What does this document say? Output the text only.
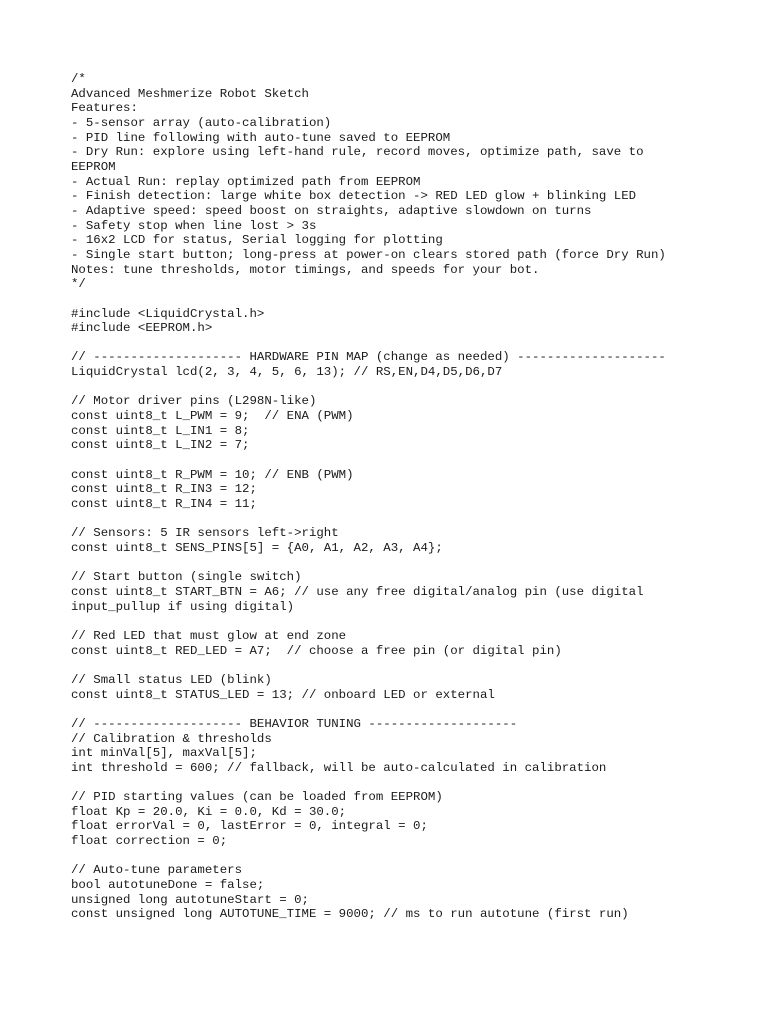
/*
Advanced Meshmerize Robot Sketch
Features:
- 5-sensor array (auto-calibration)
- PID line following with auto-tune saved to EEPROM
- Dry Run: explore using left-hand rule, record moves, optimize path, save to
EEPROM
- Actual Run: replay optimized path from EEPROM
- Finish detection: large white box detection -> RED LED glow + blinking LED
- Adaptive speed: speed boost on straights, adaptive slowdown on turns
- Safety stop when line lost > 3s
- 16x2 LCD for status, Serial logging for plotting
- Single start button; long-press at power-on clears stored path (force Dry Run)
Notes: tune thresholds, motor timings, and speeds for your bot.
*/
#include <LiquidCrystal.h>
#include <EEPROM.h>
// -------------------- HARDWARE PIN MAP (change as needed) --------------------
LiquidCrystal lcd(2, 3, 4, 5, 6, 13); // RS,EN,D4,D5,D6,D7
// Motor driver pins (L298N-like)
const uint8_t L_PWM = 9;  // ENA (PWM)
const uint8_t L_IN1 = 8;
const uint8_t L_IN2 = 7;
const uint8_t R_PWM = 10; // ENB (PWM)
const uint8_t R_IN3 = 12;
const uint8_t R_IN4 = 11;
// Sensors: 5 IR sensors left->right
const uint8_t SENS_PINS[5] = {A0, A1, A2, A3, A4};
// Start button (single switch)
const uint8_t START_BTN = A6; // use any free digital/analog pin (use digital
input_pullup if using digital)
// Red LED that must glow at end zone
const uint8_t RED_LED = A7;  // choose a free pin (or digital pin)
// Small status LED (blink)
const uint8_t STATUS_LED = 13; // onboard LED or external
// -------------------- BEHAVIOR TUNING --------------------
// Calibration & thresholds
int minVal[5], maxVal[5];
int threshold = 600; // fallback, will be auto-calculated in calibration
// PID starting values (can be loaded from EEPROM)
float Kp = 20.0, Ki = 0.0, Kd = 30.0;
float errorVal = 0, lastError = 0, integral = 0;
float correction = 0;
// Auto-tune parameters
bool autotuneDone = false;
unsigned long autotuneStart = 0;
const unsigned long AUTOTUNE_TIME = 9000; // ms to run autotune (first run)
